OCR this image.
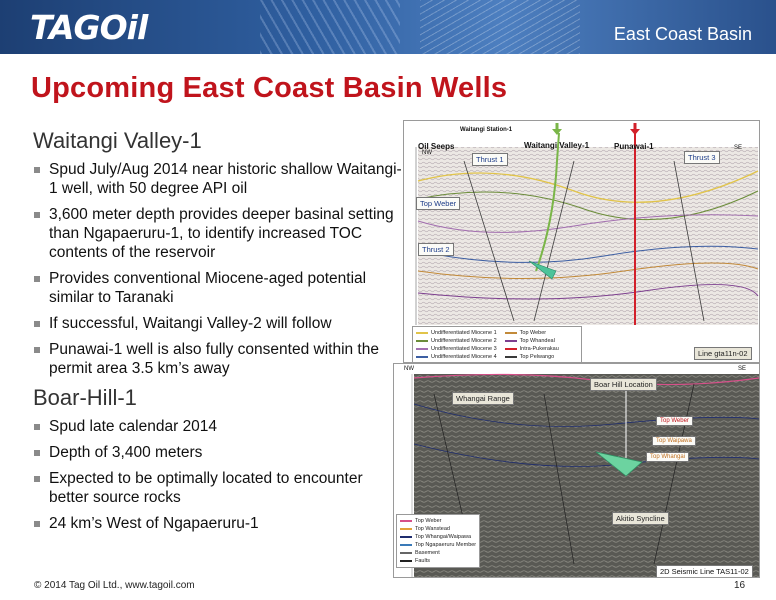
TAGOil	East Coast Basin
Upcoming East Coast Basin Wells
Waitangi Valley-1
Spud July/Aug 2014 near historic shallow Waitangi-1 well, with 50 degree API oil
3,600 meter depth provides deeper basinal setting than Ngapaeruru-1, to identify increased TOC contents of the reservoir
Provides conventional Miocene-aged potential similar to Taranaki
If successful, Waitangi Valley-2 will follow
Punawai-1 well is also fully consented within the permit area 3.5 km’s away
Boar-Hill-1
Spud late calendar 2014
Depth of 3,400 meters
Expected to be optimally located to encounter better source rocks
24 km’s West of Ngapaeruru-1
Waitangi Station-1
Oil Seeps	Waitangi Valley-1	Punawai-1
NW
SE
Thrust 1
Thrust 2
Thrust 3
Top Weber
Undifferentiated Miocene 1
Undifferentiated Miocene 2
Undifferentiated Miocene 3
Undifferentiated Miocene 4
Top Weber
Top Whandeal
Intra-Pukerakau
Top Pelwango	Line gta11n-02
NW	SE
Boar Hill Location
Whangai Range
Top Weber
Top Waipawa
Top Whangai
Akitio Syncline
Top Weber
Top Wanstead
Top Whangai/Waipawa
Top Ngapaeruru Member
Basement
Faults
2D Seismic Line TAS11-02
© 2014 Tag Oil Ltd., www.tagoil.com	16
